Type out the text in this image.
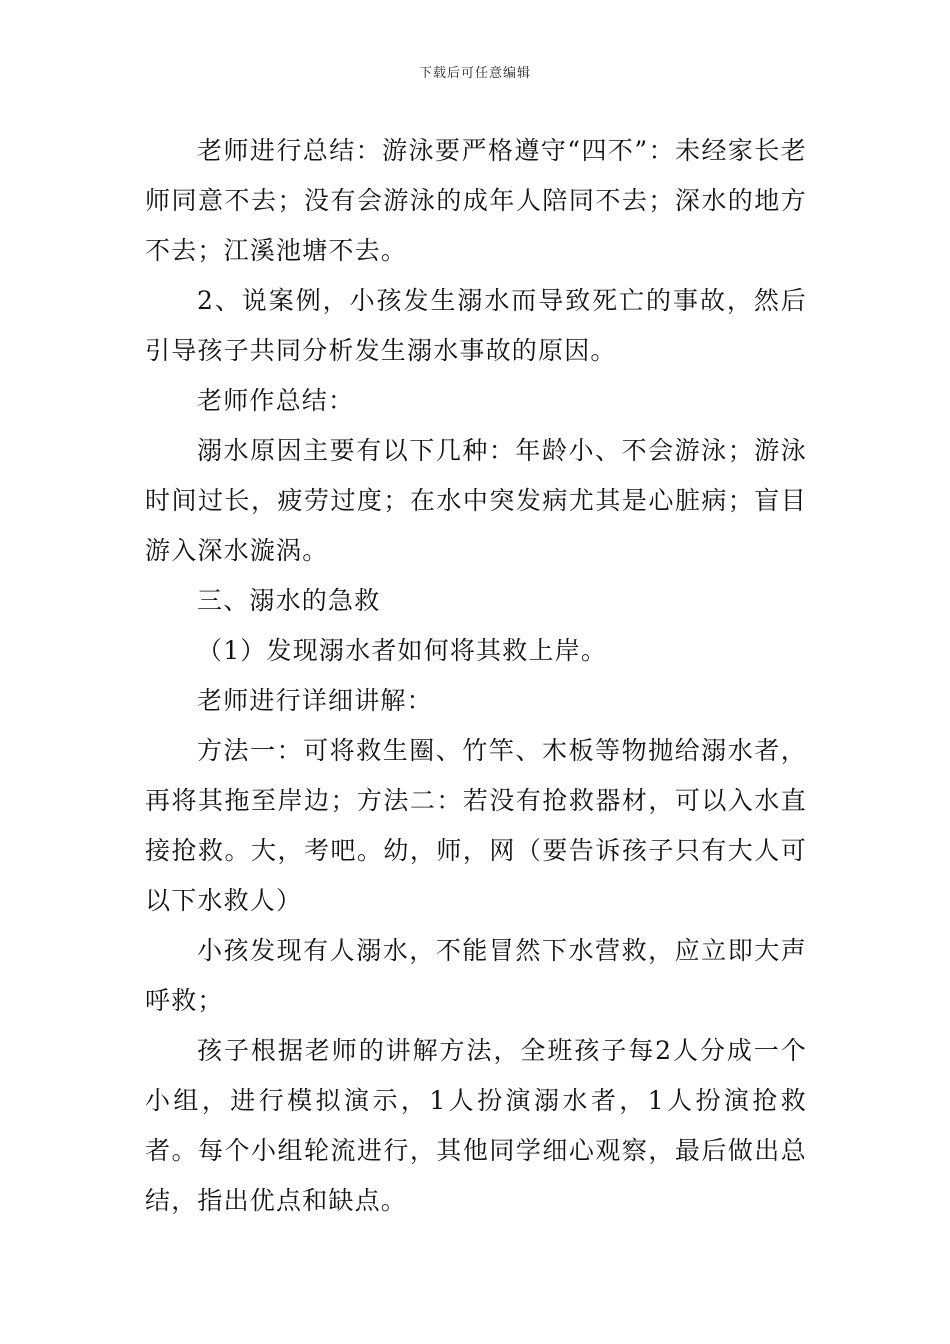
下载后可任意编辑

老师进行总结：游泳要严格遵守“四不”：未经家长老师同意不去；没有会游泳的成年人陪同不去；深水的地方不去；江溪池塘不去。

2、说案例，小孩发生溺水而导致死亡的事故，然后引导孩子共同分析发生溺水事故的原因。

老师作总结：

溺水原因主要有以下几种：年龄小、不会游泳；游泳时间过长，疲劳过度；在水中突发病尤其是心脏病；盲目游入深水漩涡。

三、溺水的急救

（1）发现溺水者如何将其救上岸。

老师进行详细讲解：

方法一：可将救生圈、竹竿、木板等物抛给溺水者，再将其拖至岸边；方法二：若没有抢救器材，可以入水直接抢救。大，考吧。幼，师，网（要告诉孩子只有大人可以下水救人）

小孩发现有人溺水，不能冒然下水营救，应立即大声呼救；

孩子根据老师的讲解方法，全班孩子每2人分成一个小组，进行模拟演示，1人扮演溺水者，1人扮演抢救者。每个小组轮流进行，其他同学细心观察，最后做出总结，指出优点和缺点。
